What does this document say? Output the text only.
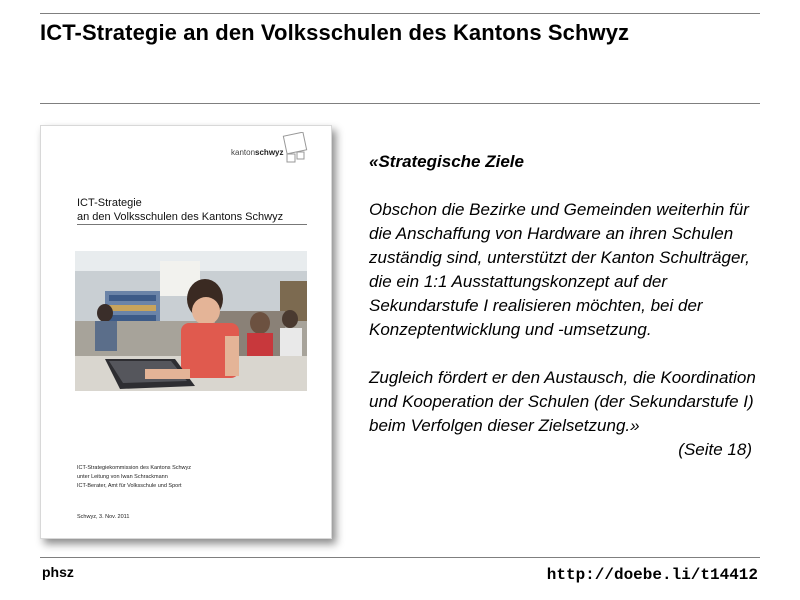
ICT-Strategie an den Volksschulen des Kantons Schwyz
kantonschwyz
ICT-Strategie
an den Volksschulen des Kantons Schwyz
ICT-Strategiekommission des Kantons Schwyz
unter Leitung von Iwan Schrackmann
ICT-Berater, Amt für Volksschule und Sport
Schwyz, 3. Nov. 2011

«Strategische Ziele

Obschon die Bezirke und Gemeinden weiterhin für die Anschaffung von Hardware an ihren Schulen zuständig sind, unterstützt der Kanton Schulträger, die ein 1:1 Ausstattungskonzept auf der Sekundarstufe I realisieren möchten, bei der Konzeptentwicklung und -umsetzung.

Zugleich fördert er den Austausch, die Koordination und Kooperation der Schulen (der Sekundarstufe I) beim Verfolgen dieser Zielsetzung.»

(Seite 18)

phsz	http://doebe.li/t14412
